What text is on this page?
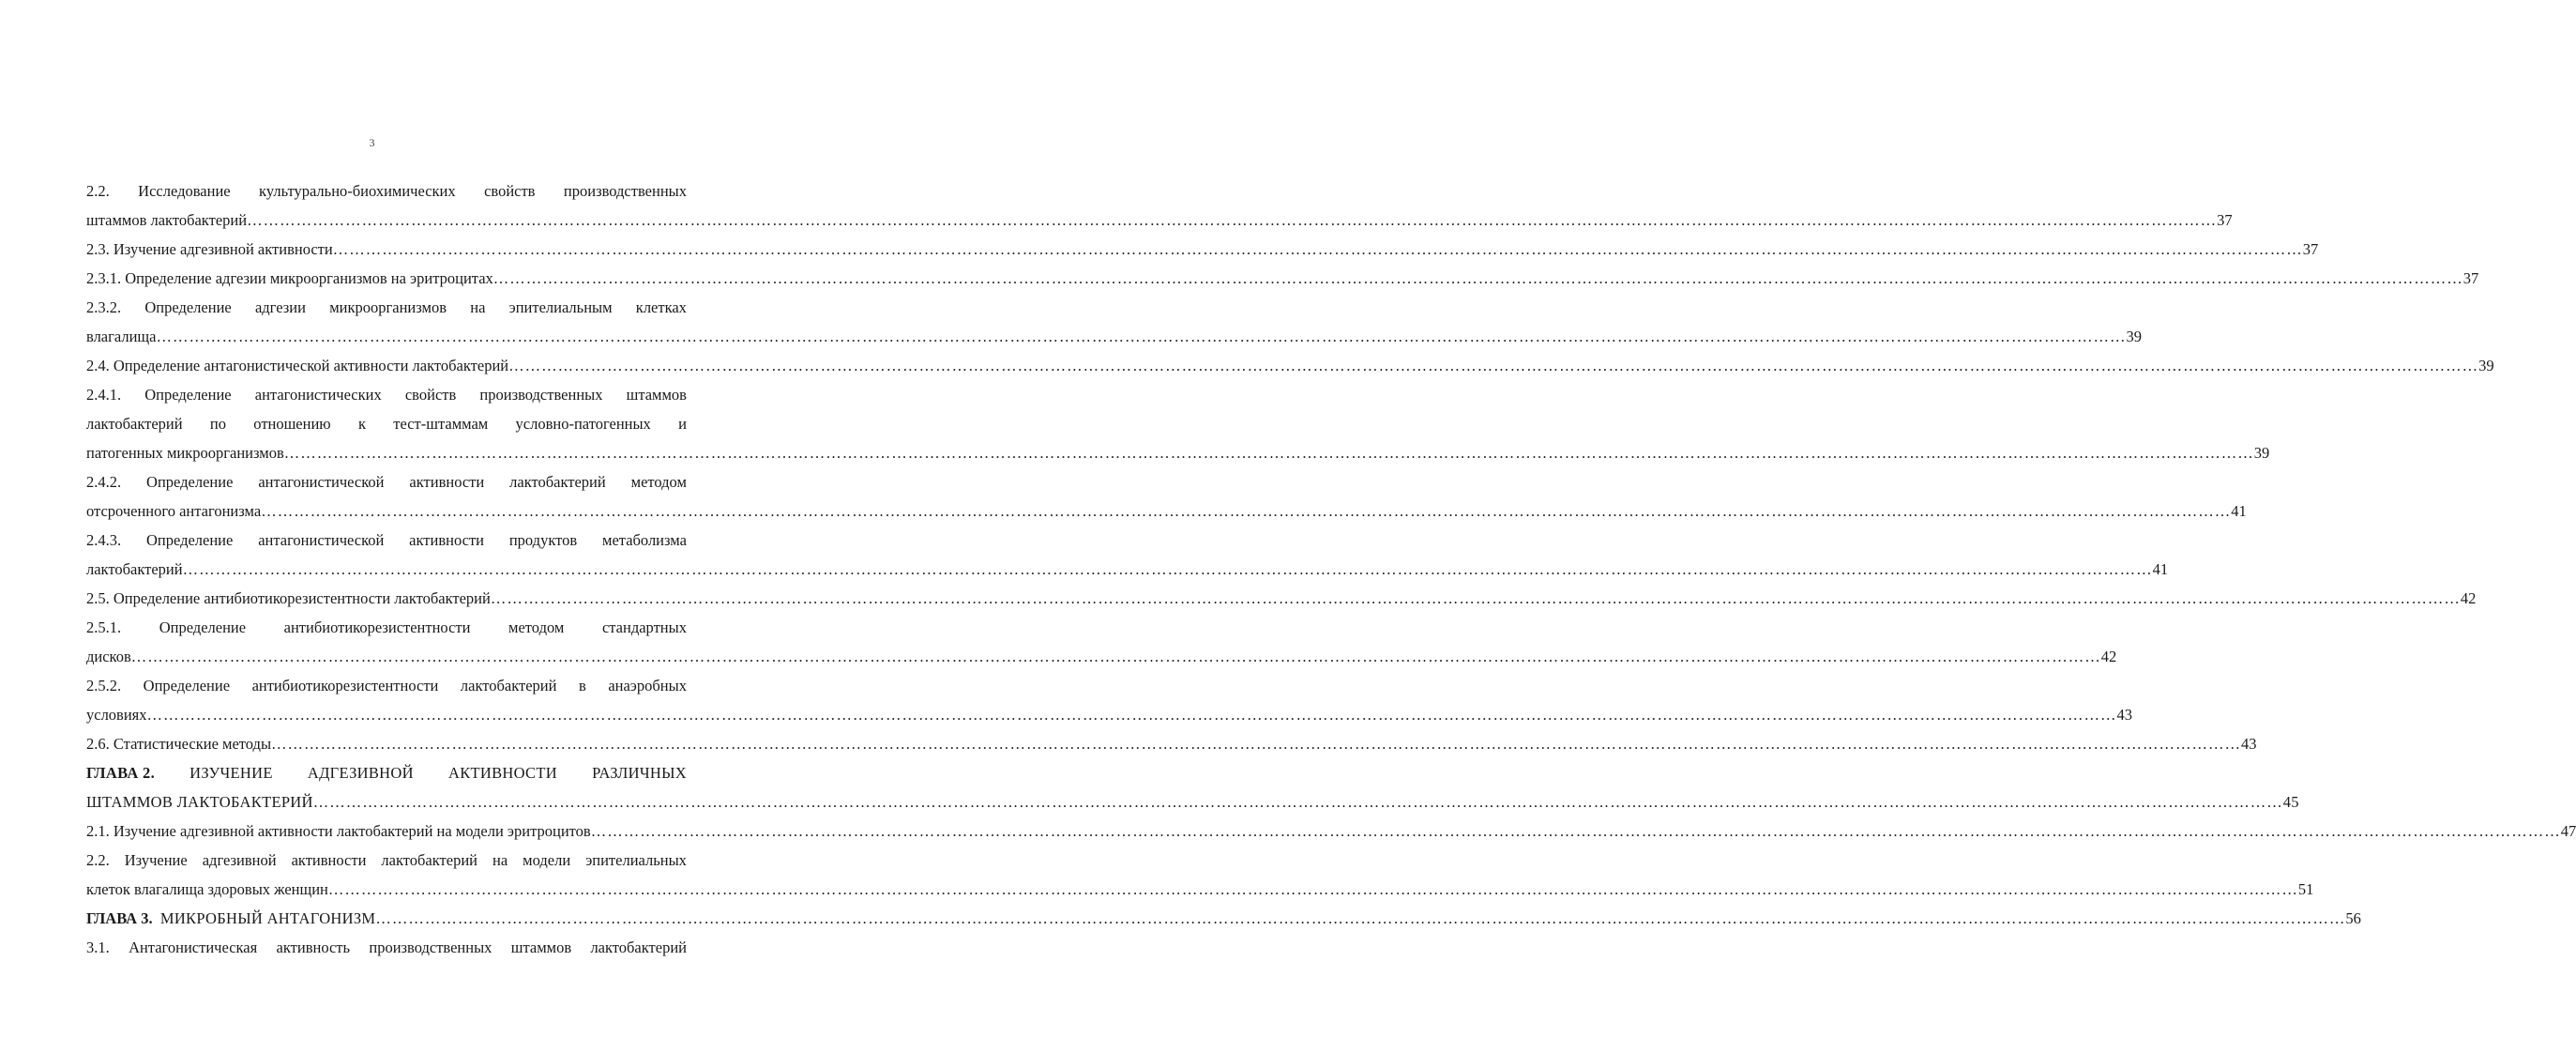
3
2.2. Исследование культурально-биохимических свойств производственных
штаммов лактобактерий ……………………………………………………………………………………………………………………………………………………………………………………………………………………………………………………………………………………………………………………………… 37
2.3. Изучение адгезивной активности ……………………………………………………………………………………………………………………………………………………………………………………………………………………………………………………………………………………………………………………………… 37
2.3.1. Определение адгезии микроорганизмов на эритроцитах ……………………………………………………………………………………………………………………………………………………………………………………………………………………………………………………………………………………………………………………………… 37
2.3.2. Определение адгезии микроорганизмов на эпителиальным клетках
влагалища ……………………………………………………………………………………………………………………………………………………………………………………………………………………………………………………………………………………………………………………………… 39
2.4. Определение антагонистической активности лактобактерий ……………………………………………………………………………………………………………………………………………………………………………………………………………………………………………………………………………………………………………………………… 39
2.4.1. Определение антагонистических свойств производственных штаммов
лактобактерий по отношению к тест-штаммам условно-патогенных и
патогенных микроорганизмов ……………………………………………………………………………………………………………………………………………………………………………………………………………………………………………………………………………………………………………………………… 39
2.4.2. Определение антагонистической активности лактобактерий методом
отсроченного антагонизма ……………………………………………………………………………………………………………………………………………………………………………………………………………………………………………………………………………………………………………………………… 41
2.4.3. Определение антагонистической активности продуктов метаболизма
лактобактерий ……………………………………………………………………………………………………………………………………………………………………………………………………………………………………………………………………………………………………………………………… 41
2.5. Определение антибиотикорезистентности лактобактерий ……………………………………………………………………………………………………………………………………………………………………………………………………………………………………………………………………………………………………………………………… 42
2.5.1. Определение антибиотикорезистентности методом стандартных
дисков ……………………………………………………………………………………………………………………………………………………………………………………………………………………………………………………………………………………………………………………………… 42
2.5.2. Определение антибиотикорезистентности лактобактерий в анаэробных
условиях ……………………………………………………………………………………………………………………………………………………………………………………………………………………………………………………………………………………………………………………………… 43
2.6. Статистические методы ……………………………………………………………………………………………………………………………………………………………………………………………………………………………………………………………………………………………………………………………… 43
ГЛАВА 2. ИЗУЧЕНИЕ АДГЕЗИВНОЙ АКТИВНОСТИ РАЗЛИЧНЫХ
ШТАММОВ ЛАКТОБАКТЕРИЙ ……………………………………………………………………………………………………………………………………………………………………………………………………………………………………………………………………………………………………………………………… 45
2.1. Изучение адгезивной активности лактобактерий на модели эритроцитов ……………………………………………………………………………………………………………………………………………………………………………………………………………………………………………………………………………………………………………………………… 47
2.2. Изучение адгезивной активности лактобактерий на модели эпителиальных
клеток влагалища здоровых женщин ……………………………………………………………………………………………………………………………………………………………………………………………………………………………………………………………………………………………………………………………… 51
ГЛАВА 3. МИКРОБНЫЙ АНТАГОНИЗМ ……………………………………………………………………………………………………………………………………………………………………………………………………………………………………………………………………………………………………………………………… 56
3.1. Антагонистическая активность производственных штаммов лактобактерий
